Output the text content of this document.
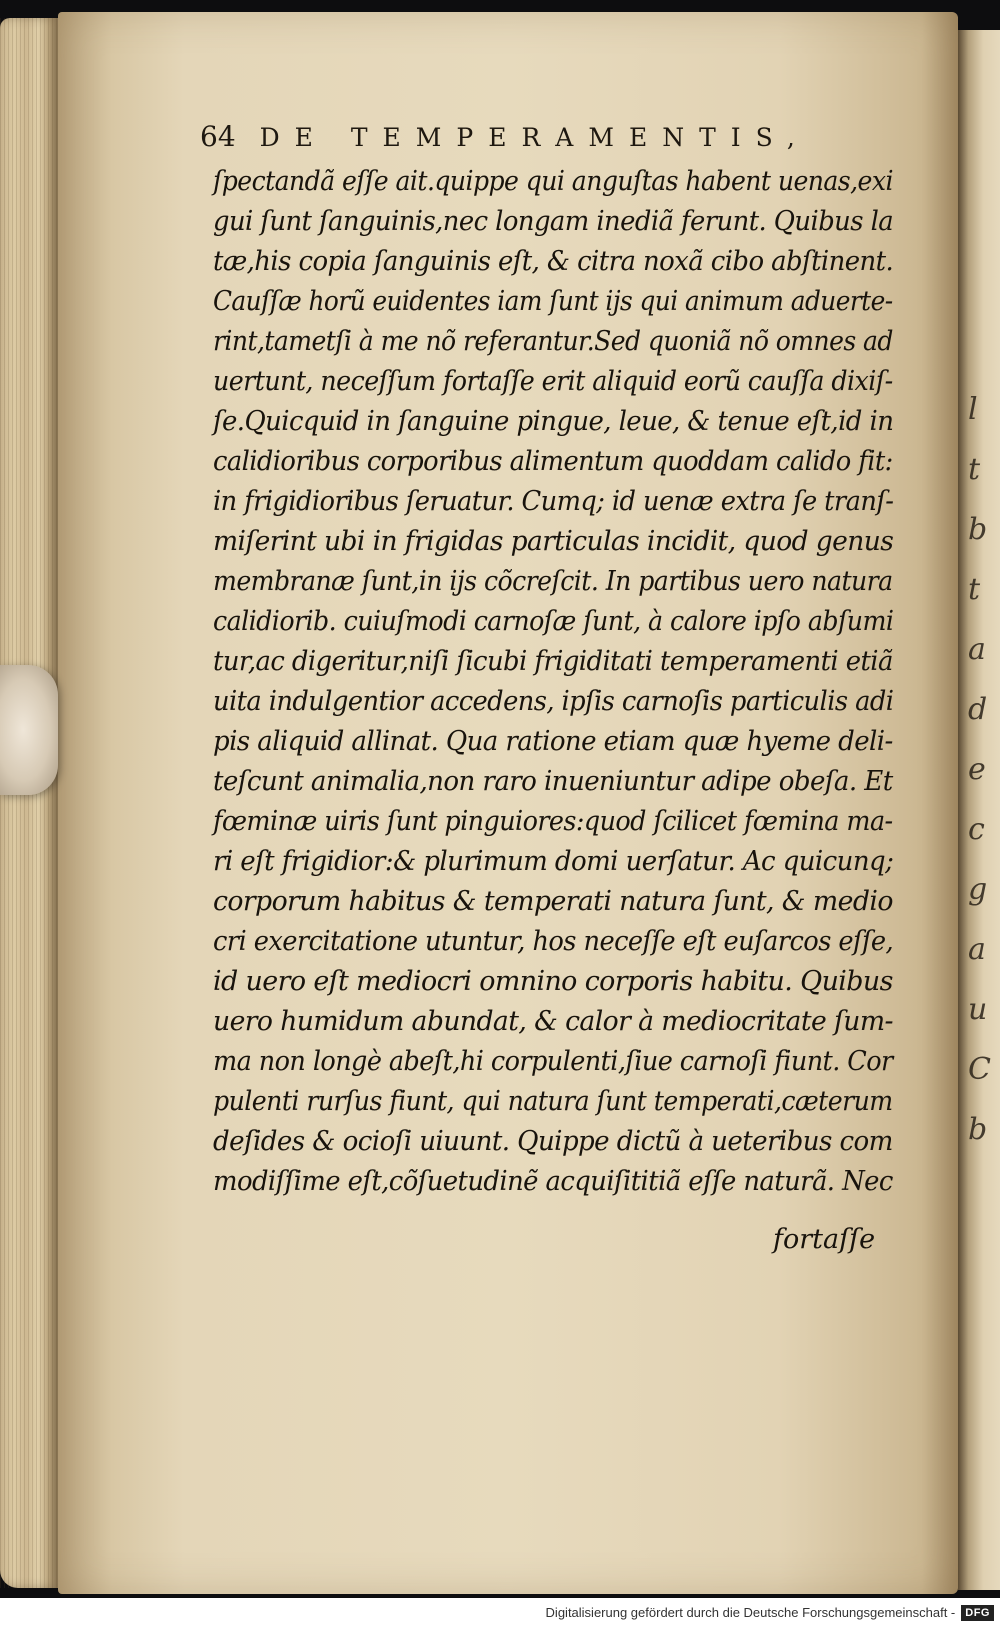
l
t
b
t
a
d
e
c
g
a
u
C
b
64 DE TEMPERAMENTIS,
ſpectandã eſſe ait.quippe qui anguſtas habent uenas,exi
gui ſunt ſanguinis,nec longam inediã ferunt. Quibus la
tæ,his copia ſanguinis eſt, & citra noxã cibo abſtinent.
Cauſſæ horũ euidentes iam ſunt ijs qui animum aduerte-
rint,tametſi à me nõ referantur.Sed quoniã nõ omnes ad
uertunt, neceſſum fortaſſe erit aliquid eorũ cauſſa dixiſ-
ſe.Quicquid in ſanguine pingue, leue, & tenue eſt,id in
calidioribus corporibus alimentum quoddam calido fit:
in frigidioribus ſeruatur. Cumq; id uenæ extra ſe tranſ-
miſerint ubi in frigidas particulas incidit, quod genus
membranæ ſunt,in ijs cõcreſcit. In partibus uero natura
calidiorib. cuiuſmodi carnoſæ ſunt, à calore ipſo abſumi
tur,ac digeritur,niſi ſicubi frigiditati temperamenti etiã
uita indulgentior accedens, ipſis carnoſis particulis adi
pis aliquid allinat. Qua ratione etiam quæ hyeme deli-
teſcunt animalia,non raro inueniuntur adipe obeſa. Et
fœminæ uiris ſunt pinguiores:quod ſcilicet fœmina ma-
ri eſt frigidior:& plurimum domi uerſatur. Ac quicunq;
corporum habitus & temperati natura ſunt, & medio
cri exercitatione utuntur, hos neceſſe eſt euſarcos eſſe,
id uero eſt mediocri omnino corporis habitu. Quibus
uero humidum abundat, & calor à mediocritate ſum-
ma non longè abeſt,hi corpulenti,ſiue carnoſi fiunt. Cor
pulenti rurſus fiunt, qui natura ſunt temperati,cæterum
deſides & ocioſi uiuunt. Quippe dictũ à ueteribus com
modiſſime eſt,cõſuetudinẽ acquiſititiã eſſe naturã. Nec
fortaſſe
Digitalisierung gefördert durch die Deutsche Forschungsgemeinschaft - DFG
